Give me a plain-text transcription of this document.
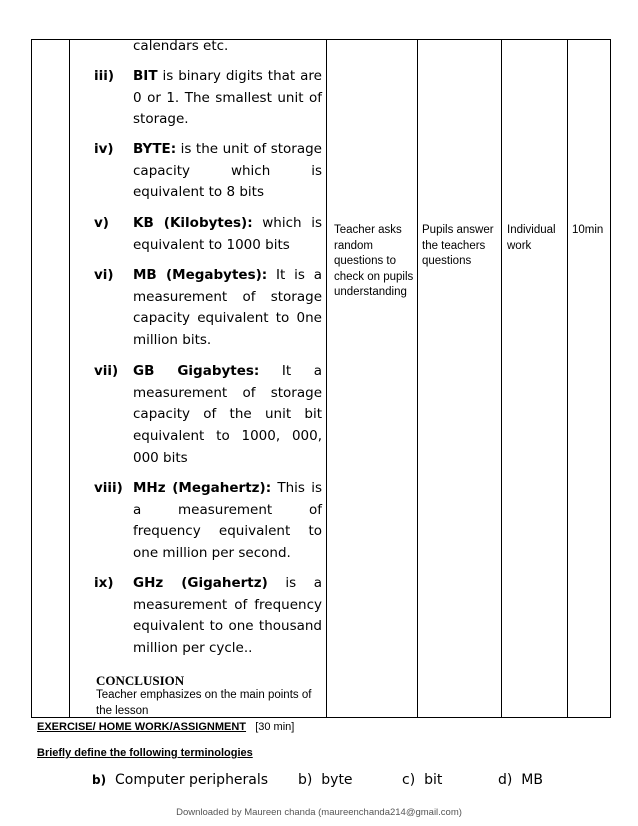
calendars etc.
iii) BIT is binary digits that are 0 or 1. The smallest unit of storage.
iv) BYTE: is the unit of storage capacity which is equivalent to 8 bits
v) KB (Kilobytes): which is equivalent to 1000 bits
vi) MB (Megabytes): It is a measurement of storage capacity equivalent to 0ne million bits.
vii) GB Gigabytes: It a measurement of storage capacity of the unit bit equivalent to 1000, 000, 000 bits
viii) MHz (Megahertz): This is a measurement of frequency equivalent to one million per second.
ix) GHz (Gigahertz) is a measurement of frequency equivalent to one thousand million per cycle..
CONCLUSION
Teacher emphasizes on the main points of the lesson
Teacher asks random questions to check on pupils understanding
Pupils answer the teachers questions
Individual work
10min
EXERCISE/ HOME WORK/ASSIGNMENT [30 min]
Briefly define the following terminologies
b) Computer peripherals b) byte	c) bit	d) MB
Downloaded by Maureen chanda (maureenchanda214@gmail.com)
